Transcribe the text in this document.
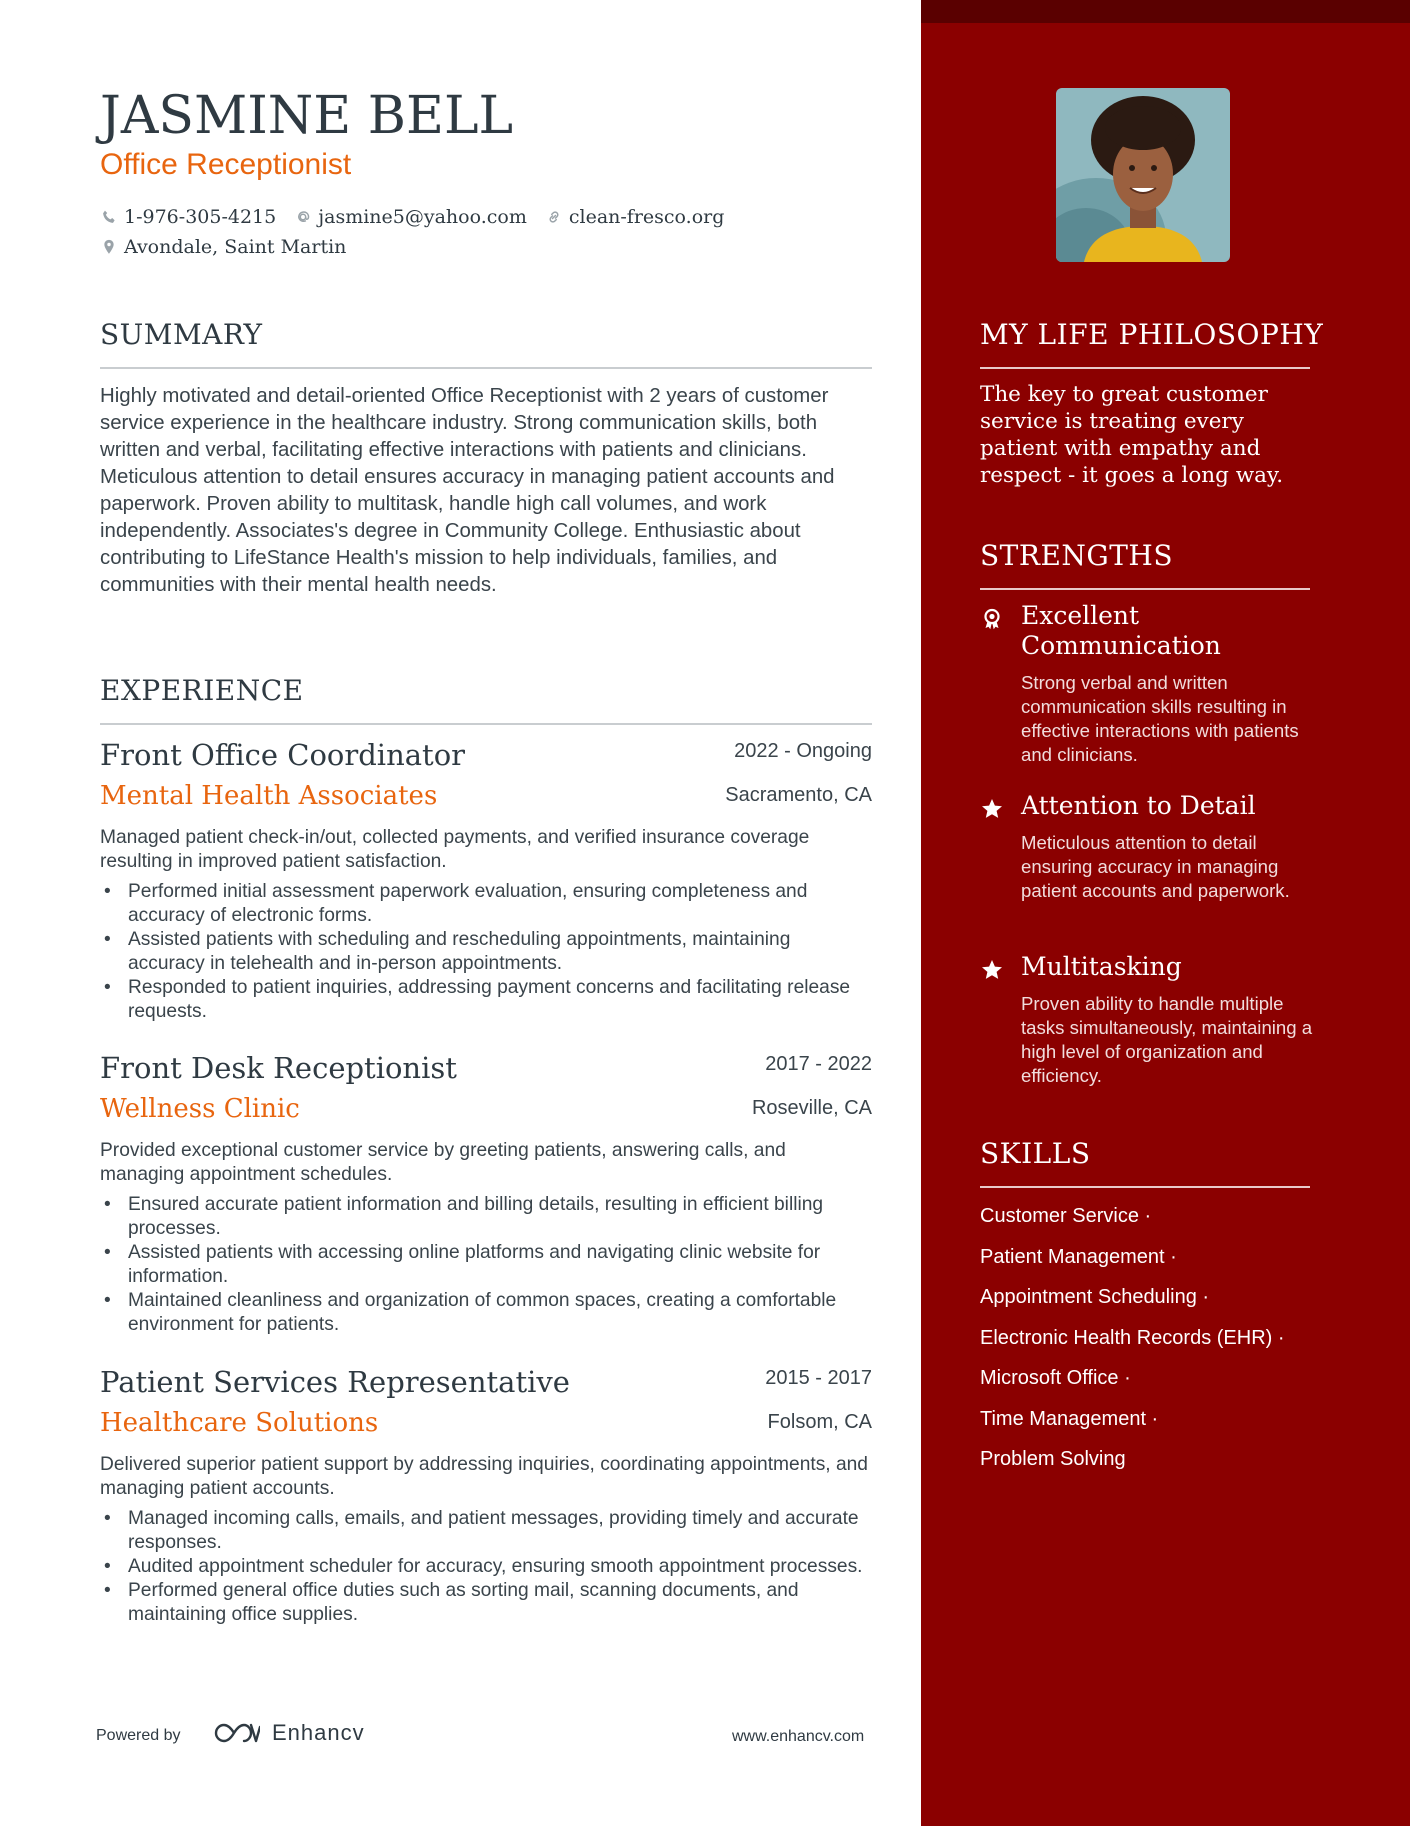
JASMINE BELL
Office Receptionist
1-976-305-4215 jasmine5@yahoo.com clean-fresco.org
Avondale, Saint Martin
SUMMARY

Highly motivated and detail-oriented Office Receptionist with 2 years of customer service experience in the healthcare industry. Strong communication skills, both written and verbal, facilitating effective interactions with patients and clinicians. Meticulous attention to detail ensures accuracy in managing patient accounts and paperwork. Proven ability to multitask, handle high call volumes, and work independently. Associates's degree in Community College. Enthusiastic about contributing to LifeStance Health's mission to help individuals, families, and communities with their mental health needs.

EXPERIENCE
Front Office Coordinator	2022 - Ongoing
Mental Health Associates	Sacramento, CA
Managed patient check-in/out, collected payments, and verified insurance coverage resulting in improved patient satisfaction.
• Performed initial assessment paperwork evaluation, ensuring completeness and accuracy of electronic forms.
• Assisted patients with scheduling and rescheduling appointments, maintaining accuracy in telehealth and in-person appointments.
• Responded to patient inquiries, addressing payment concerns and facilitating release requests.
Front Desk Receptionist	2017 - 2022
Wellness Clinic	Roseville, CA
Provided exceptional customer service by greeting patients, answering calls, and managing appointment schedules.
• Ensured accurate patient information and billing details, resulting in efficient billing processes.
• Assisted patients with accessing online platforms and navigating clinic website for information.
• Maintained cleanliness and organization of common spaces, creating a comfortable environment for patients.
Patient Services Representative	2015 - 2017
Healthcare Solutions	Folsom, CA
Delivered superior patient support by addressing inquiries, coordinating appointments, and managing patient accounts.
• Managed incoming calls, emails, and patient messages, providing timely and accurate responses.
• Audited appointment scheduler for accuracy, ensuring smooth appointment processes.
• Performed general office duties such as sorting mail, scanning documents, and maintaining office supplies.
MY LIFE PHILOSOPHY

The key to great customer service is treating every patient with empathy and respect - it goes a long way.

STRENGTHS
Excellent Communication
Strong verbal and written communication skills resulting in effective interactions with patients and clinicians.
Attention to Detail
Meticulous attention to detail ensuring accuracy in managing patient accounts and paperwork.
Multitasking
Proven ability to handle multiple tasks simultaneously, maintaining a high level of organization and efficiency.
SKILLS
Customer Service ·
Patient Management ·
Appointment Scheduling ·
Electronic Health Records (EHR) ·
Microsoft Office ·
Time Management ·
Problem Solving
Powered by	Enhancv	www.enhancv.com
